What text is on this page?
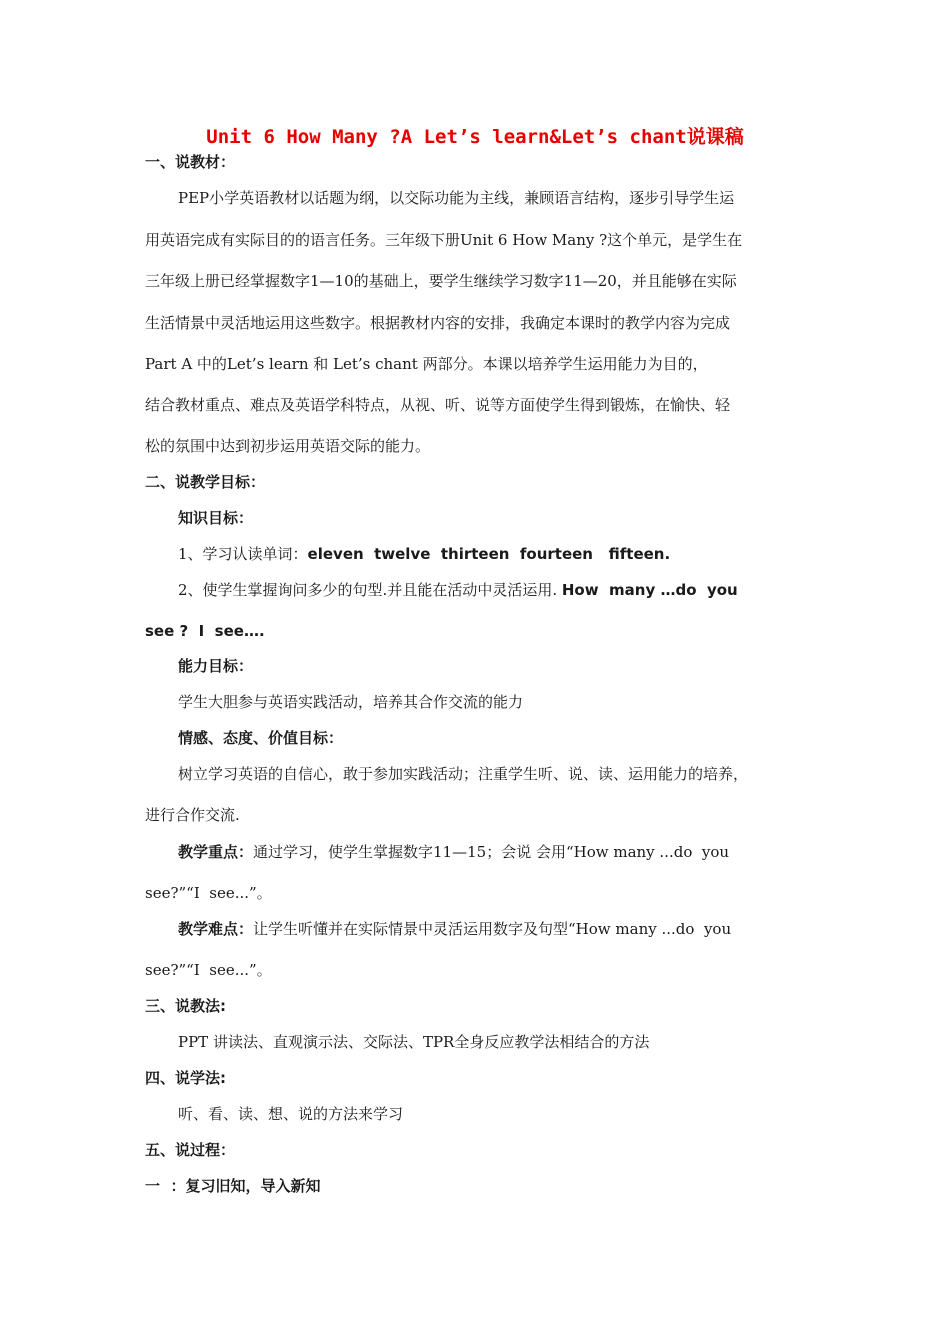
Unit 6 How Many ?A Let’s learn&Let’s chant说课稿
一、说教材：
PEP小学英语教材以话题为纲，以交际功能为主线，兼顾语言结构，逐步引导学生运
用英语完成有实际目的的语言任务。三年级下册Unit 6 How Many ?这个单元，是学生在
三年级上册已经掌握数字1—10的基础上，要学生继续学习数字11—20，并且能够在实际
生活情景中灵活地运用这些数字。根据教材内容的安排，我确定本课时的教学内容为完成
Part A 中的Let’s learn 和 Let’s chant 两部分。本课以培养学生运用能力为目的，
结合教材重点、难点及英语学科特点，从视、听、说等方面使学生得到锻炼，在愉快、轻
松的氛围中达到初步运用英语交际的能力。
二、说教学目标：
知识目标：
1、学习认读单词：eleven  twelve  thirteen  fourteen   fifteen.
2、使学生掌握询问多少的句型.并且能在活动中灵活运用. How  many …do  you
see ?  I  see….
能力目标：
学生大胆参与英语实践活动，培养其合作交流的能力
情感、态度、价值目标：
树立学习英语的自信心，敢于参加实践活动；注重学生听、说、读、运用能力的培养，
进行合作交流.
教学重点：通过学习，使学生掌握数字11—15；会说 会用“How many ...do  you
see?”“I  see...”。
教学难点：让学生听懂并在实际情景中灵活运用数字及句型“How many ...do  you
see?”“I  see...”。
三、说教法:
PPT 讲读法、直观演示法、交际法、TPR全身反应教学法相结合的方法
四、说学法:
听、看、读、想、说的方法来学习
五、说过程：
一  ：复习旧知，导入新知
